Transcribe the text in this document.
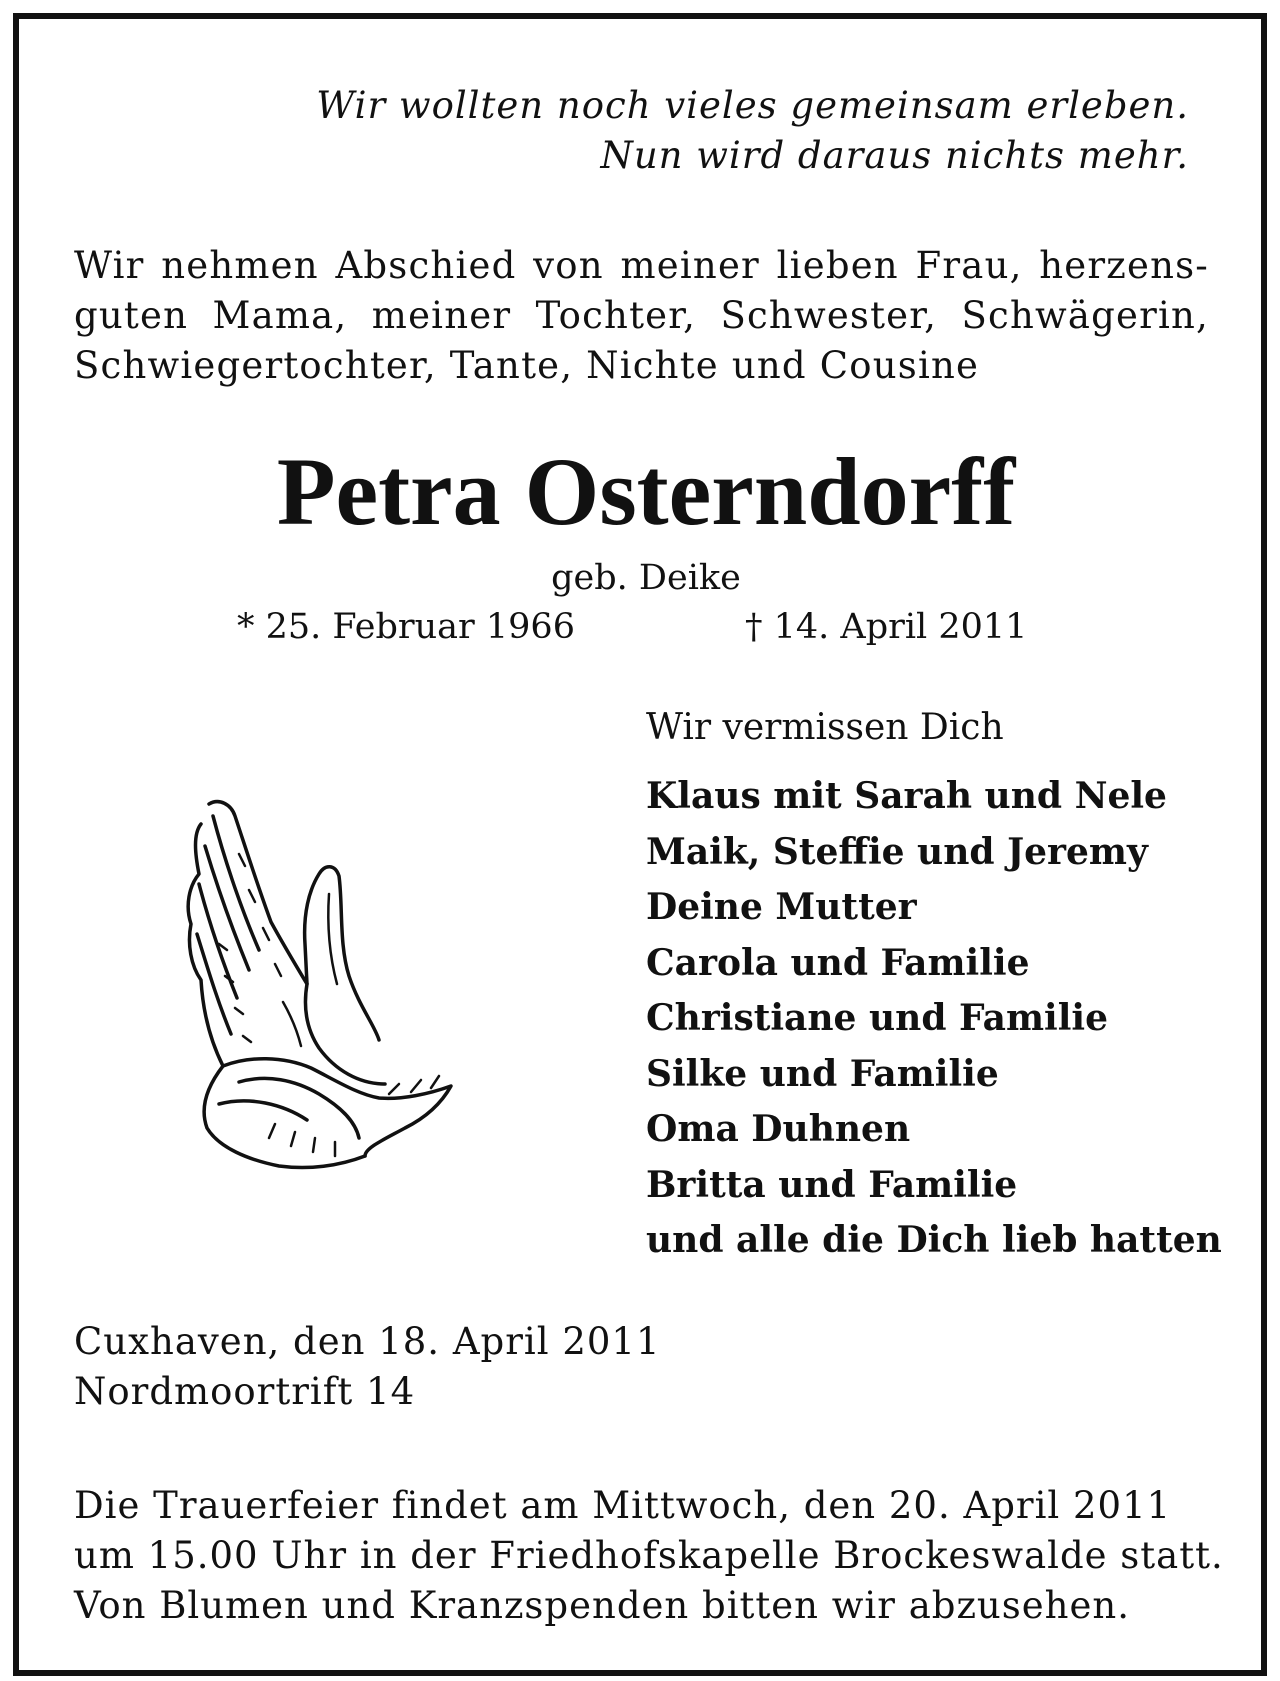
Wir wollten noch vieles gemeinsam erleben.
Nun wird daraus nichts mehr.
Wir nehmen Abschied von meiner lieben Frau, herzens-
guten Mama, meiner Tochter, Schwester, Schwägerin,
Schwiegertochter, Tante, Nichte und Cousine
Petra Osterndorff
geb. Deike
* 25. Februar 1966	† 14. April 2011
Wir vermissen Dich
Klaus mit Sarah und Nele
Maik, Steffie und Jeremy
Deine Mutter
Carola und Familie
Christiane und Familie
Silke und Familie
Oma Duhnen
Britta und Familie
und alle die Dich lieb hatten
Cuxhaven, den 18. April 2011
Nordmoortrift 14
Die Trauerfeier findet am Mittwoch, den 20. April 2011
um 15.00 Uhr in der Friedhofskapelle Brockeswalde statt.
Von Blumen und Kranzspenden bitten wir abzusehen.
